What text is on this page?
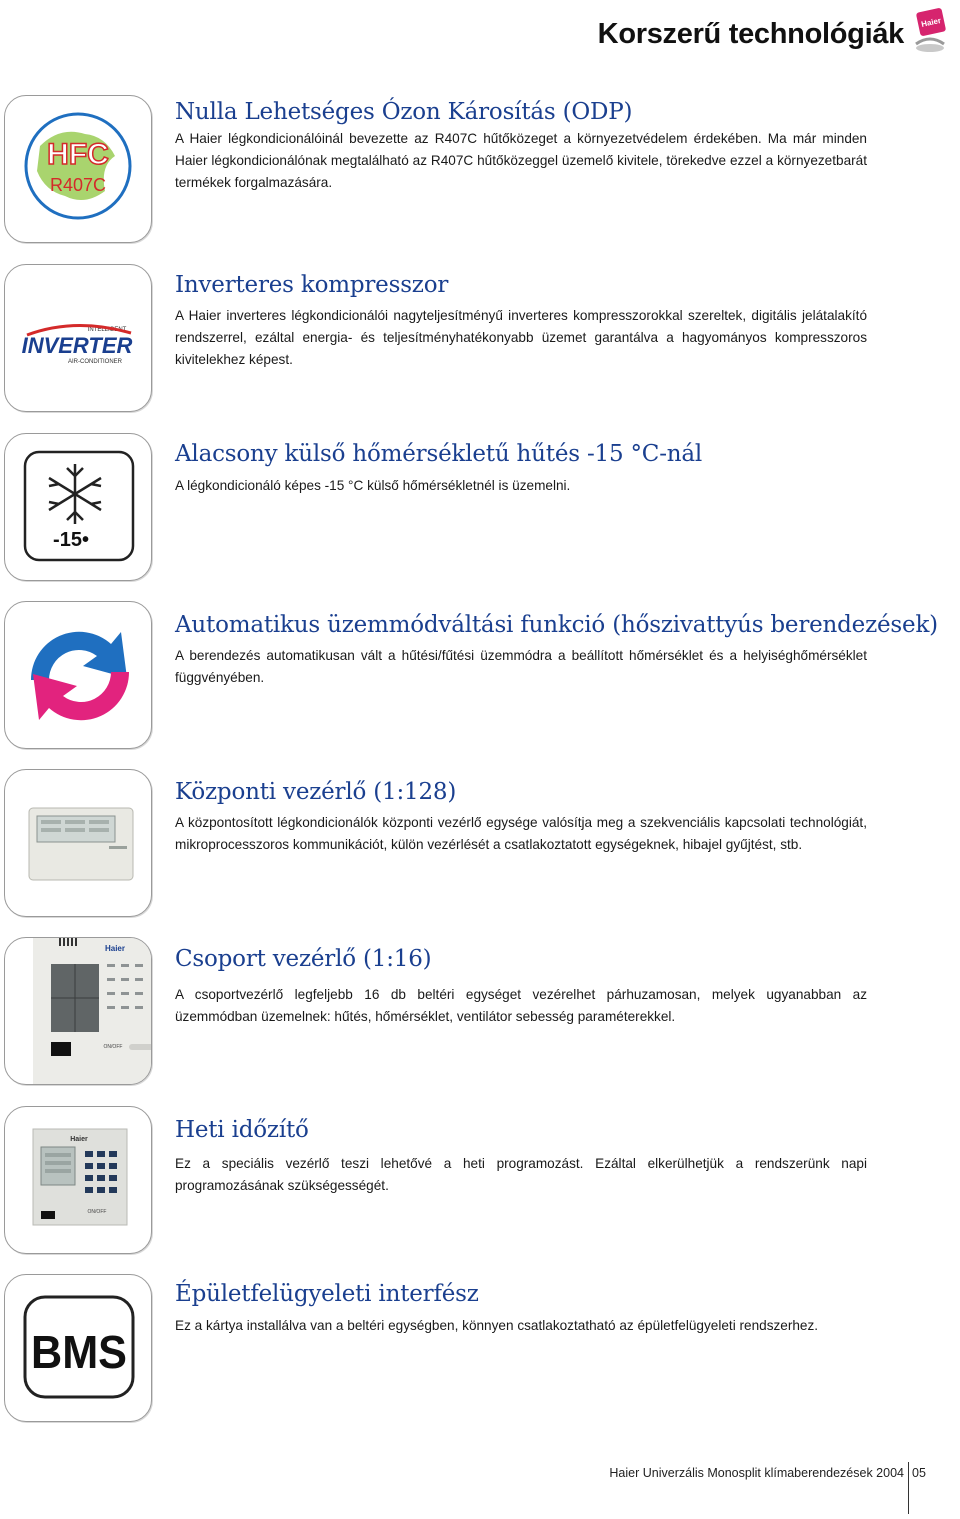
Korszerű technológiák Haier
HFC
R407C
Nulla Lehetséges Ózon Károsítás (ODP)
A Haier légkondicionálóinál bevezette az R407C hűtőközeget a környezetvédelem érdekében. Ma már minden Haier légkondicionálónak megtalálható az R407C hűtőközeggel üzemelő kivitele, törekedve ezzel a környezetbarát termékek forgalmazására.
INTELLIGENT
INVERTER
AIR-CONDITIONER
Inverteres kompresszor
A Haier inverteres légkondicionálói nagyteljesítményű inverteres kompresszorokkal szereltek, digitális jelátalakító rendszerrel, ezáltal energia- és teljesítményhatékonyabb üzemet garantálva a hagyományos kompresszoros kivitelekhez képest.
-15•
Alacsony külső hőmérsékletű hűtés -15 °C-nál
A légkondicionáló képes -15 °C külső hőmérsékletnél is üzemelni.
Automatikus üzemmódváltási funkció (hőszivattyús berendezések)
A berendezés automatikusan vált a hűtési/fűtési üzemmódra a beállított hőmérséklet és a helyiséghőmérséklet függvényében.
Központi vezérlő (1:128)
A központosított légkondicionálók központi vezérlő egysége valósítja meg a szekvenciális kapcsolati technológiát, mikroprocesszoros kommunikációt, külön vezérlését a csatlakoztatott egységeknek, hibajel gyűjtést, stb.
Haier
ON/OFF
Csoport vezérlő (1:16)
A csoportvezérlő legfeljebb 16 db beltéri egységet vezérelhet párhuzamosan, melyek ugyanabban az üzemmódban üzemelnek: hűtés, hőmérséklet, ventilátor sebesség paraméterekkel.
Haier
ON/OFF
Heti időzítő
Ez a speciális vezérlő teszi lehetővé a heti programozást. Ezáltal elkerülhetjük a rendszerünk napi programozásának szükségességét.
BMS
Épületfelügyeleti interfész
Ez a kártya installálva van a beltéri egységben, könnyen csatlakoztatható az épületfelügyeleti rendszerhez.
Haier Univerzális Monosplit klímaberendezések 2004 05
